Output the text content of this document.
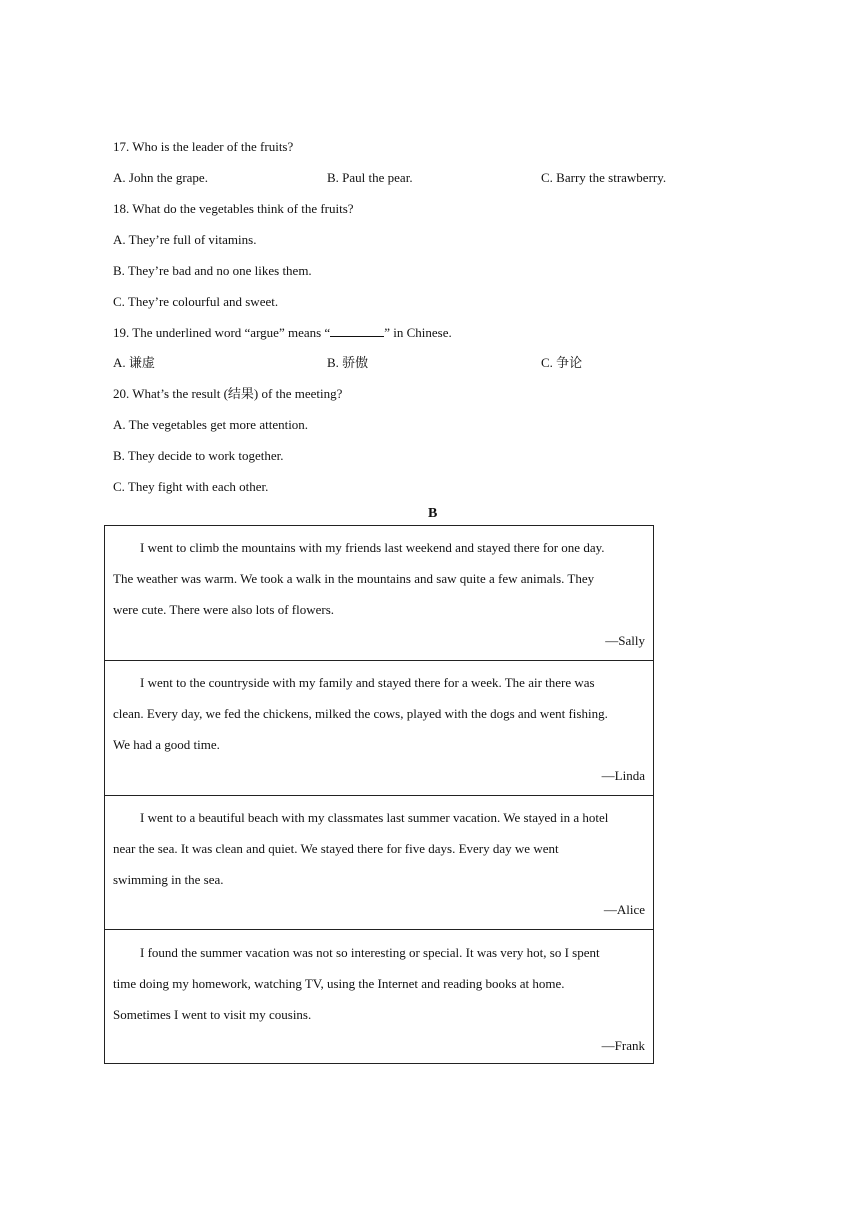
17. Who is the leader of the fruits?
A. John the grape.	B. Paul the pear.	C. Barry the strawberry.
18. What do the vegetables think of the fruits?
A. They’re full of vitamins.
B. They’re bad and no one likes them.
C. They’re colourful and sweet.
19. The underlined word “argue” means “	” in Chinese.
A. 谦虚	B. 骄傲	C. 争论
20. What’s the result (结果) of the meeting?
A. The vegetables get more attention.
B. They decide to work together.
C. They fight with each other.
B
I went to climb the mountains with my friends last weekend and stayed there for one day.
The weather was warm. We took a walk in the mountains and saw quite a few animals. They
were cute. There were also lots of flowers.
—Sally
I went to the countryside with my family and stayed there for a week. The air there was
clean. Every day, we fed the chickens, milked the cows, played with the dogs and went fishing.
We had a good time.
—Linda
I went to a beautiful beach with my classmates last summer vacation. We stayed in a hotel
near the sea. It was clean and quiet. We stayed there for five days. Every day we went
swimming in the sea.
—Alice
I found the summer vacation was not so interesting or special. It was very hot, so I spent
time doing my homework, watching TV, using the Internet and reading books at home.
Sometimes I went to visit my cousins.
—Frank
